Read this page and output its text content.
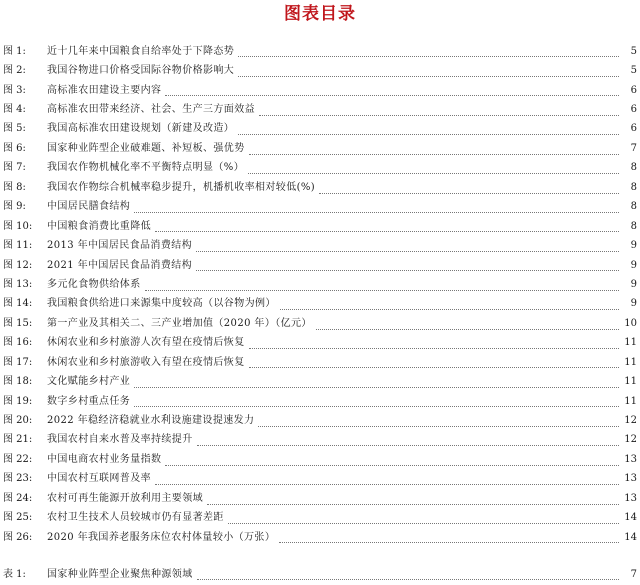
图表目录
图 1:	近十几年来中国粮食自给率处于下降态势	5
图 2:	我国谷物进口价格受国际谷物价格影响大	5
图 3:	高标准农田建设主要内容	6
图 4:	高标准农田带来经济、社会、生产三方面效益	6
图 5:	我国高标准农田建设规划（新建及改造）	6
图 6:	国家种业阵型企业破难题、补短板、强优势	7
图 7:	我国农作物机械化率不平衡特点明显（%）	8
图 8:	我国农作物综合机械率稳步提升，机播机收率相对较低(%)	8
图 9:	中国居民膳食结构	8
图 10:	中国粮食消费比重降低	8
图 11:	2013 年中国居民食品消费结构	9
图 12:	2021 年中国居民食品消费结构	9
图 13:	多元化食物供给体系	9
图 14:	我国粮食供给进口来源集中度较高（以谷物为例）	9
图 15:	第一产业及其相关二、三产业增加值（2020 年）（亿元）	10
图 16:	休闲农业和乡村旅游人次有望在疫情后恢复	11
图 17:	休闲农业和乡村旅游收入有望在疫情后恢复	11
图 18:	文化赋能乡村产业	11
图 19:	数字乡村重点任务	11
图 20:	2022 年稳经济稳就业水利设施建设提速发力	12
图 21:	我国农村自来水普及率持续提升	12
图 22:	中国电商农村业务量指数	13
图 23:	中国农村互联网普及率	13
图 24:	农村可再生能源开放利用主要领域	13
图 25:	农村卫生技术人员较城市仍有显著差距	14
图 26:	2020 年我国养老服务床位农村体量较小（万张）	14
表 1:	国家种业阵型企业聚焦种源领域	7
